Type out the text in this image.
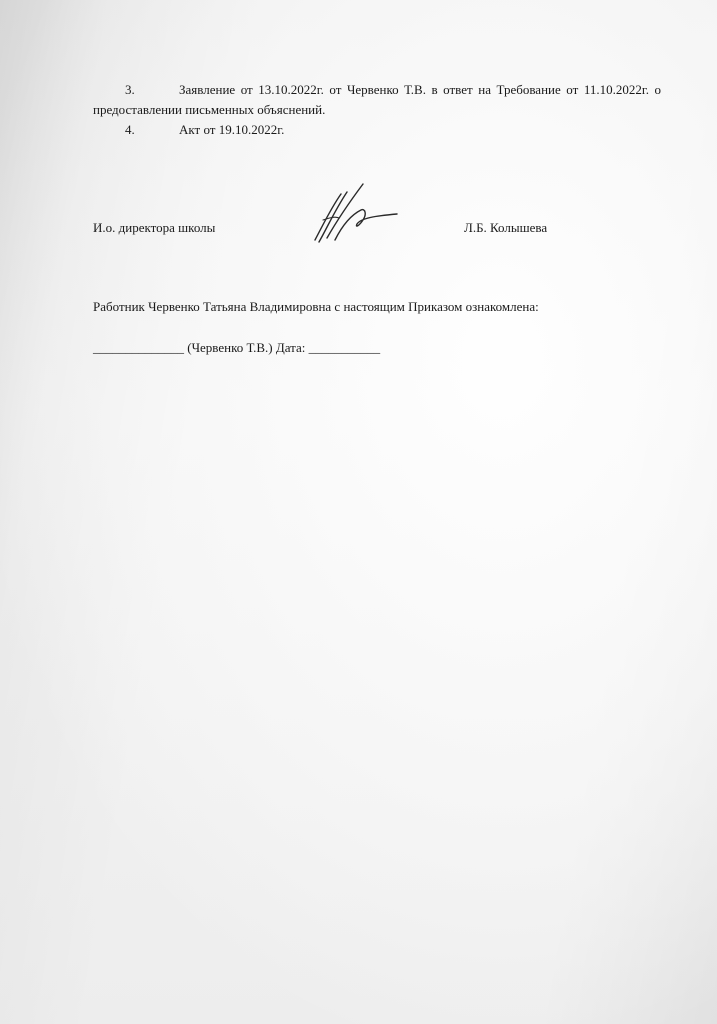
3.	Заявление от 13.10.2022г. от Червенко Т.В. в ответ на Требование от 11.10.2022г. о предоставлении письменных объяснений.
4.	Акт от 19.10.2022г.
И.о. директора школы	Л.Б. Колышева
Работник Червенко Татьяна Владимировна с настоящим Приказом ознакомлена:
______________ (Червенко Т.В.) Дата: ___________
